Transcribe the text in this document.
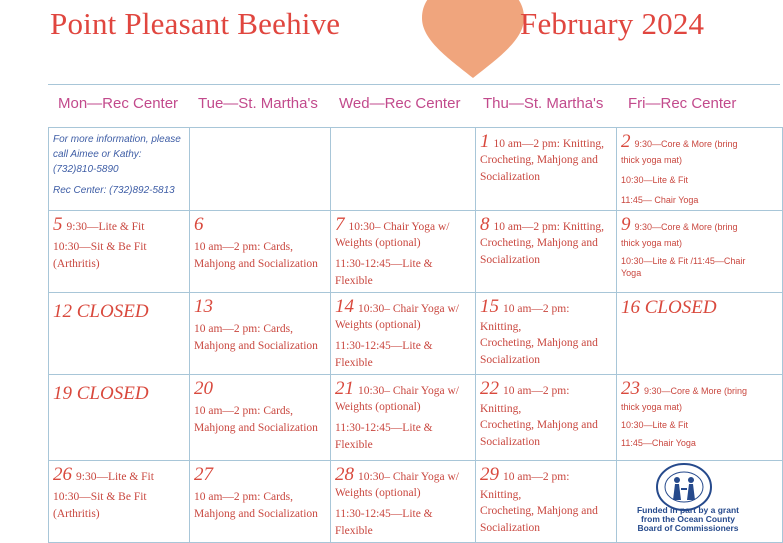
Point Pleasant Beehive	February 2024
Mon—Rec Center Tue—St. Martha's Wed—Rec Center Thu—St. Martha's Fri—Rec Center
For more information, please call Aimee or Kathy: (732)810-5890
Rec Center: (732)892-5813			1 10 am—2 pm: Knitting,
Crocheting, Mahjong and
Socialization	2 9:30—Core & More (bring
thick yoga mat)
10:30—Lite & Fit
11:45— Chair Yoga

5 9:30—Lite & Fit
10:30—Sit & Be Fit
(Arthritis)	6
10 am—2 pm: Cards,
Mahjong and Socialization	7 10:30– Chair Yoga w/
Weights (optional)
11:30-12:45—Lite & Flexible	8 10 am—2 pm: Knitting,
Crocheting, Mahjong and
Socialization	9 9:30—Core & More (bring
thick yoga mat)
10:30—Lite & Fit /11:45—Chair
Yoga

12 CLOSED	13
10 am—2 pm: Cards,
Mahjong and Socialization	14 10:30– Chair Yoga w/
Weights (optional)
11:30-12:45—Lite & Flexible	15 10 am—2 pm: Knitting,
Crocheting, Mahjong and
Socialization	16 CLOSED

19 CLOSED	20
10 am—2 pm: Cards,
Mahjong and Socialization	21 10:30– Chair Yoga w/
Weights (optional)
11:30-12:45—Lite & Flexible	22 10 am—2 pm: Knitting,
Crocheting, Mahjong and
Socialization	23 9:30—Core & More (bring
thick yoga mat)
10:30—Lite & Fit
11:45—Chair Yoga

26 9:30—Lite & Fit
10:30—Sit & Be Fit
(Arthritis)	27
10 am—2 pm: Cards,
Mahjong and Socialization	28 10:30– Chair Yoga w/
Weights (optional)
11:30-12:45—Lite & Flexible	29 10 am—2 pm: Knitting,
Crocheting, Mahjong and
Socialization	

Funded in part by a grant
from the Ocean County
Board of Commissioners
